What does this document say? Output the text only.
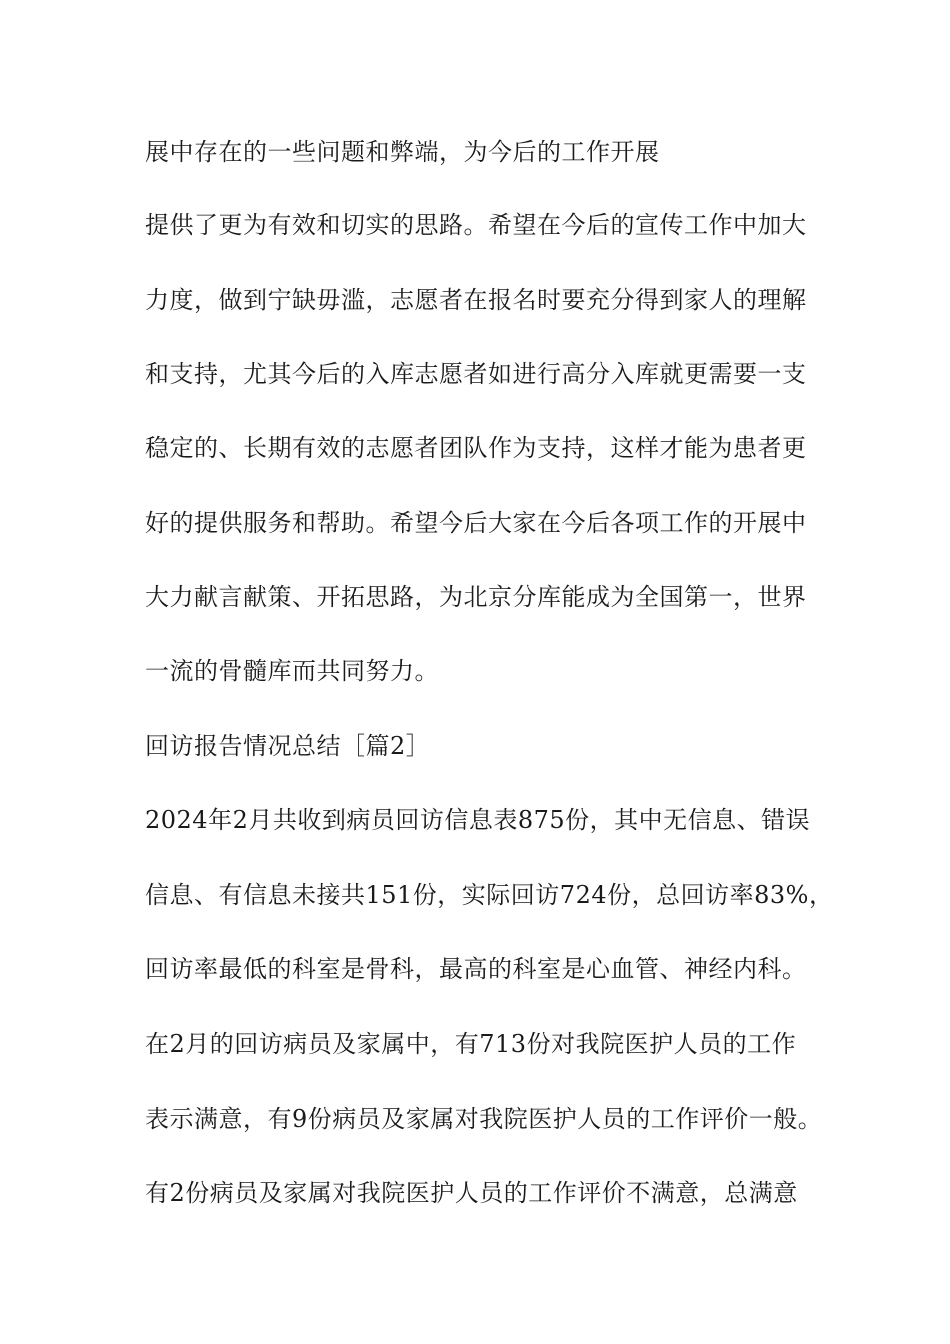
展中存在的一些问题和弊端，为今后的工作开展
提供了更为有效和切实的思路。希望在今后的宣传工作中加大
力度，做到宁缺毋滥，志愿者在报名时要充分得到家人的理解
和支持，尤其今后的入库志愿者如进行高分入库就更需要一支
稳定的、长期有效的志愿者团队作为支持，这样才能为患者更
好的提供服务和帮助。希望今后大家在今后各项工作的开展中
大力献言献策、开拓思路，为北京分库能成为全国第一，世界
一流的骨髓库而共同努力。
回访报告情况总结［篇2］
2024年2月共收到病员回访信息表875份，其中无信息、错误
信息、有信息未接共151份，实际回访724份，总回访率83%，
回访率最低的科室是骨科，最高的科室是心血管、神经内科。
在2月的回访病员及家属中，有713份对我院医护人员的工作
表示满意，有9份病员及家属对我院医护人员的工作评价一般。
有2份病员及家属对我院医护人员的工作评价不满意，总满意
